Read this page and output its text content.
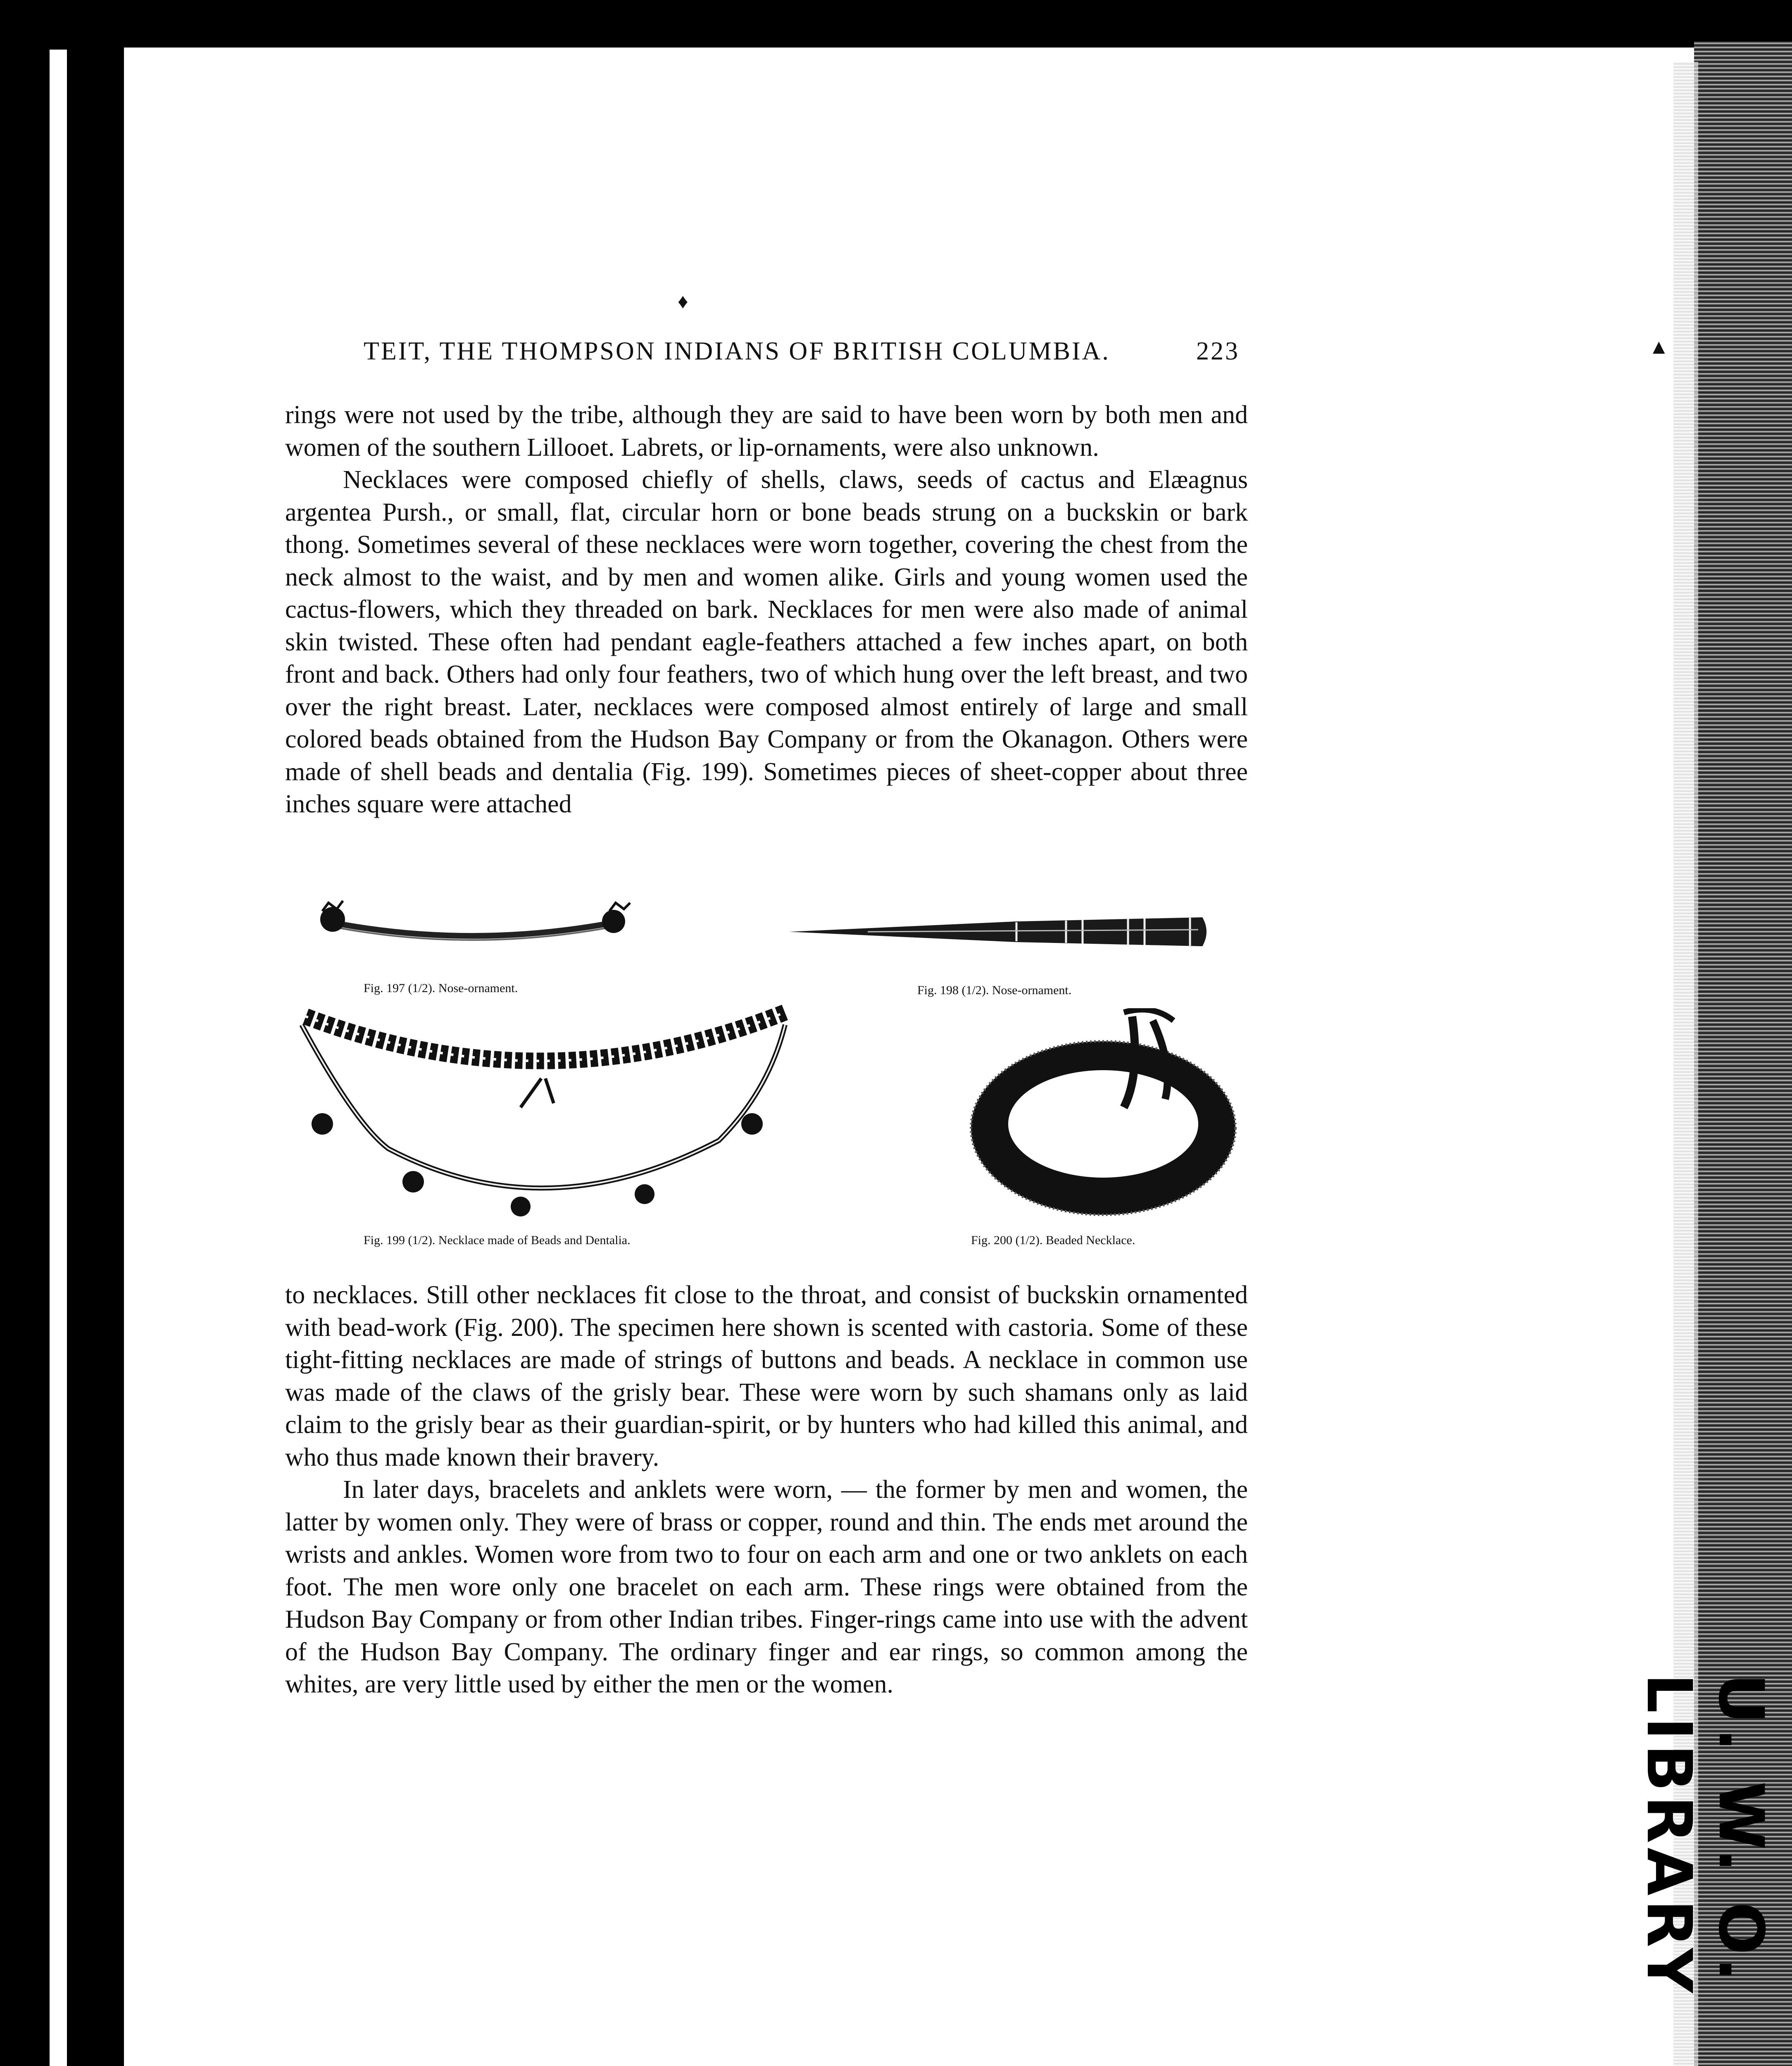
U. W. O. LIBRARY
TEIT, THE THOMPSON INDIANS OF BRITISH COLUMBIA.	223

rings were not used by the tribe, although they are said to have been worn by both men and women of the southern Lillooet. Labrets, or lip-ornaments, were also unknown.

Necklaces were composed chiefly of shells, claws, seeds of cactus and Elæagnus argentea Pursh., or small, flat, circular horn or bone beads strung on a buckskin or bark thong. Sometimes several of these necklaces were worn together, covering the chest from the neck almost to the waist, and by men and women alike. Girls and young women used the cactus-flowers, which they threaded on bark. Necklaces for men were also made of animal skin twisted. These often had pendant eagle-feathers attached a few inches apart, on both front and back. Others had only four feathers, two of which hung over the left breast, and two over the right breast. Later, necklaces were composed almost entirely of large and small colored beads obtained from the Hudson Bay Company or from the Okanagon. Others were made of shell beads and dentalia (Fig. 199). Sometimes pieces of sheet-copper about three inches square were attached

Fig. 197 (1/2). Nose-ornament.	Fig. 198 (1/2). Nose-ornament.
Fig. 199 (1/2). Necklace made of Beads and Dentalia.	Fig. 200 (1/2). Beaded Necklace.

to necklaces. Still other necklaces fit close to the throat, and consist of buckskin ornamented with bead-work (Fig. 200). The specimen here shown is scented with castoria. Some of these tight-fitting necklaces are made of strings of buttons and beads. A necklace in common use was made of the claws of the grisly bear. These were worn by such shamans only as laid claim to the grisly bear as their guardian-spirit, or by hunters who had killed this animal, and who thus made known their bravery.

In later days, bracelets and anklets were worn, — the former by men and women, the latter by women only. They were of brass or copper, round and thin. The ends met around the wrists and ankles. Women wore from two to four on each arm and one or two anklets on each foot. The men wore only one bracelet on each arm. These rings were obtained from the Hudson Bay Company or from other Indian tribes. Finger-rings came into use with the advent of the Hudson Bay Company. The ordinary finger and ear rings, so common among the whites, are very little used by either the men or the women.

♦
▲
